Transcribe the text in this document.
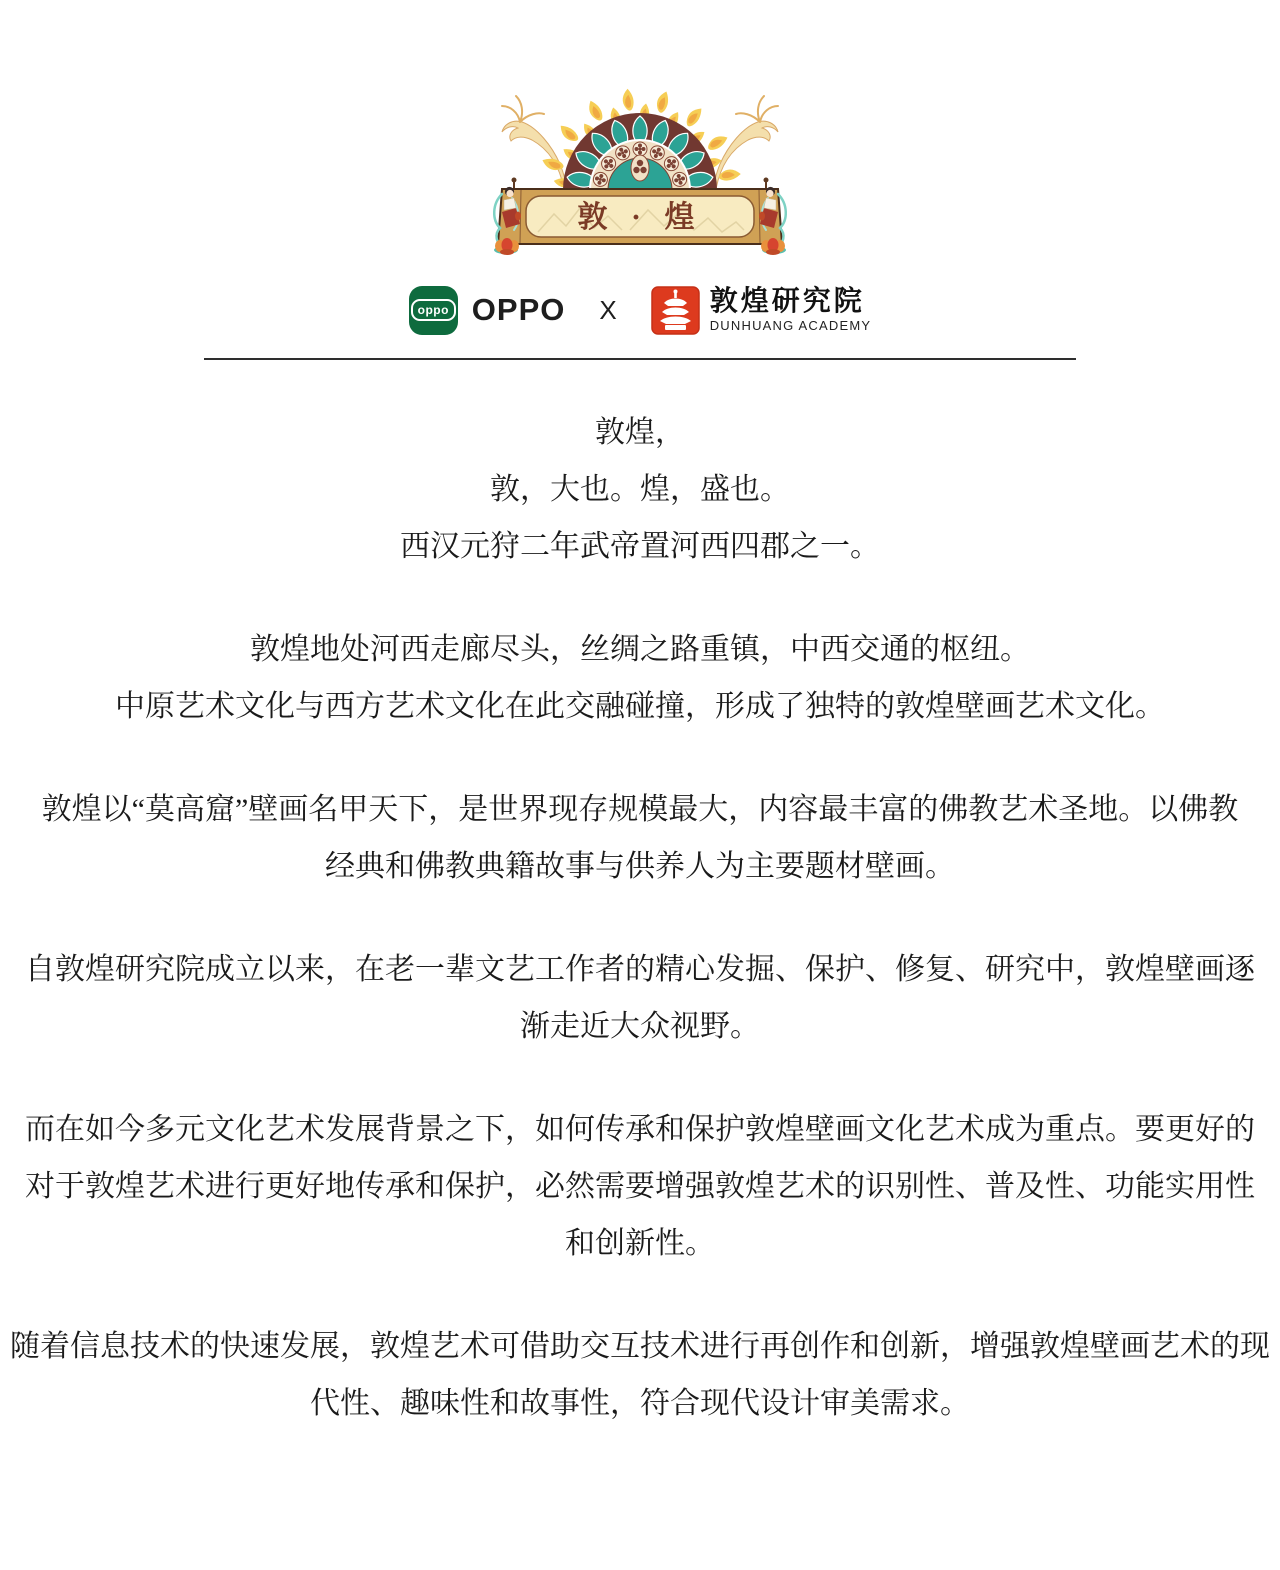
敦 · 煌
oppo OPPO X	敦煌研究院
DUNHUANG ACADEMY
敦煌，
敦，大也。煌，盛也。
西汉元狩二年武帝置河西四郡之一。
敦煌地处河西走廊尽头，丝绸之路重镇，中西交通的枢纽。
中原艺术文化与西方艺术文化在此交融碰撞，形成了独特的敦煌壁画艺术文化。
敦煌以“莫高窟”壁画名甲天下，是世界现存规模最大，内容最丰富的佛教艺术圣地。以佛教
经典和佛教典籍故事与供养人为主要题材壁画。
自敦煌研究院成立以来，在老一辈文艺工作者的精心发掘、保护、修复、研究中，敦煌壁画逐
渐走近大众视野。
而在如今多元文化艺术发展背景之下，如何传承和保护敦煌壁画文化艺术成为重点。要更好的
对于敦煌艺术进行更好地传承和保护，必然需要增强敦煌艺术的识别性、普及性、功能实用性
和创新性。
随着信息技术的快速发展，敦煌艺术可借助交互技术进行再创作和创新，增强敦煌壁画艺术的现
代性、趣味性和故事性，符合现代设计审美需求。
